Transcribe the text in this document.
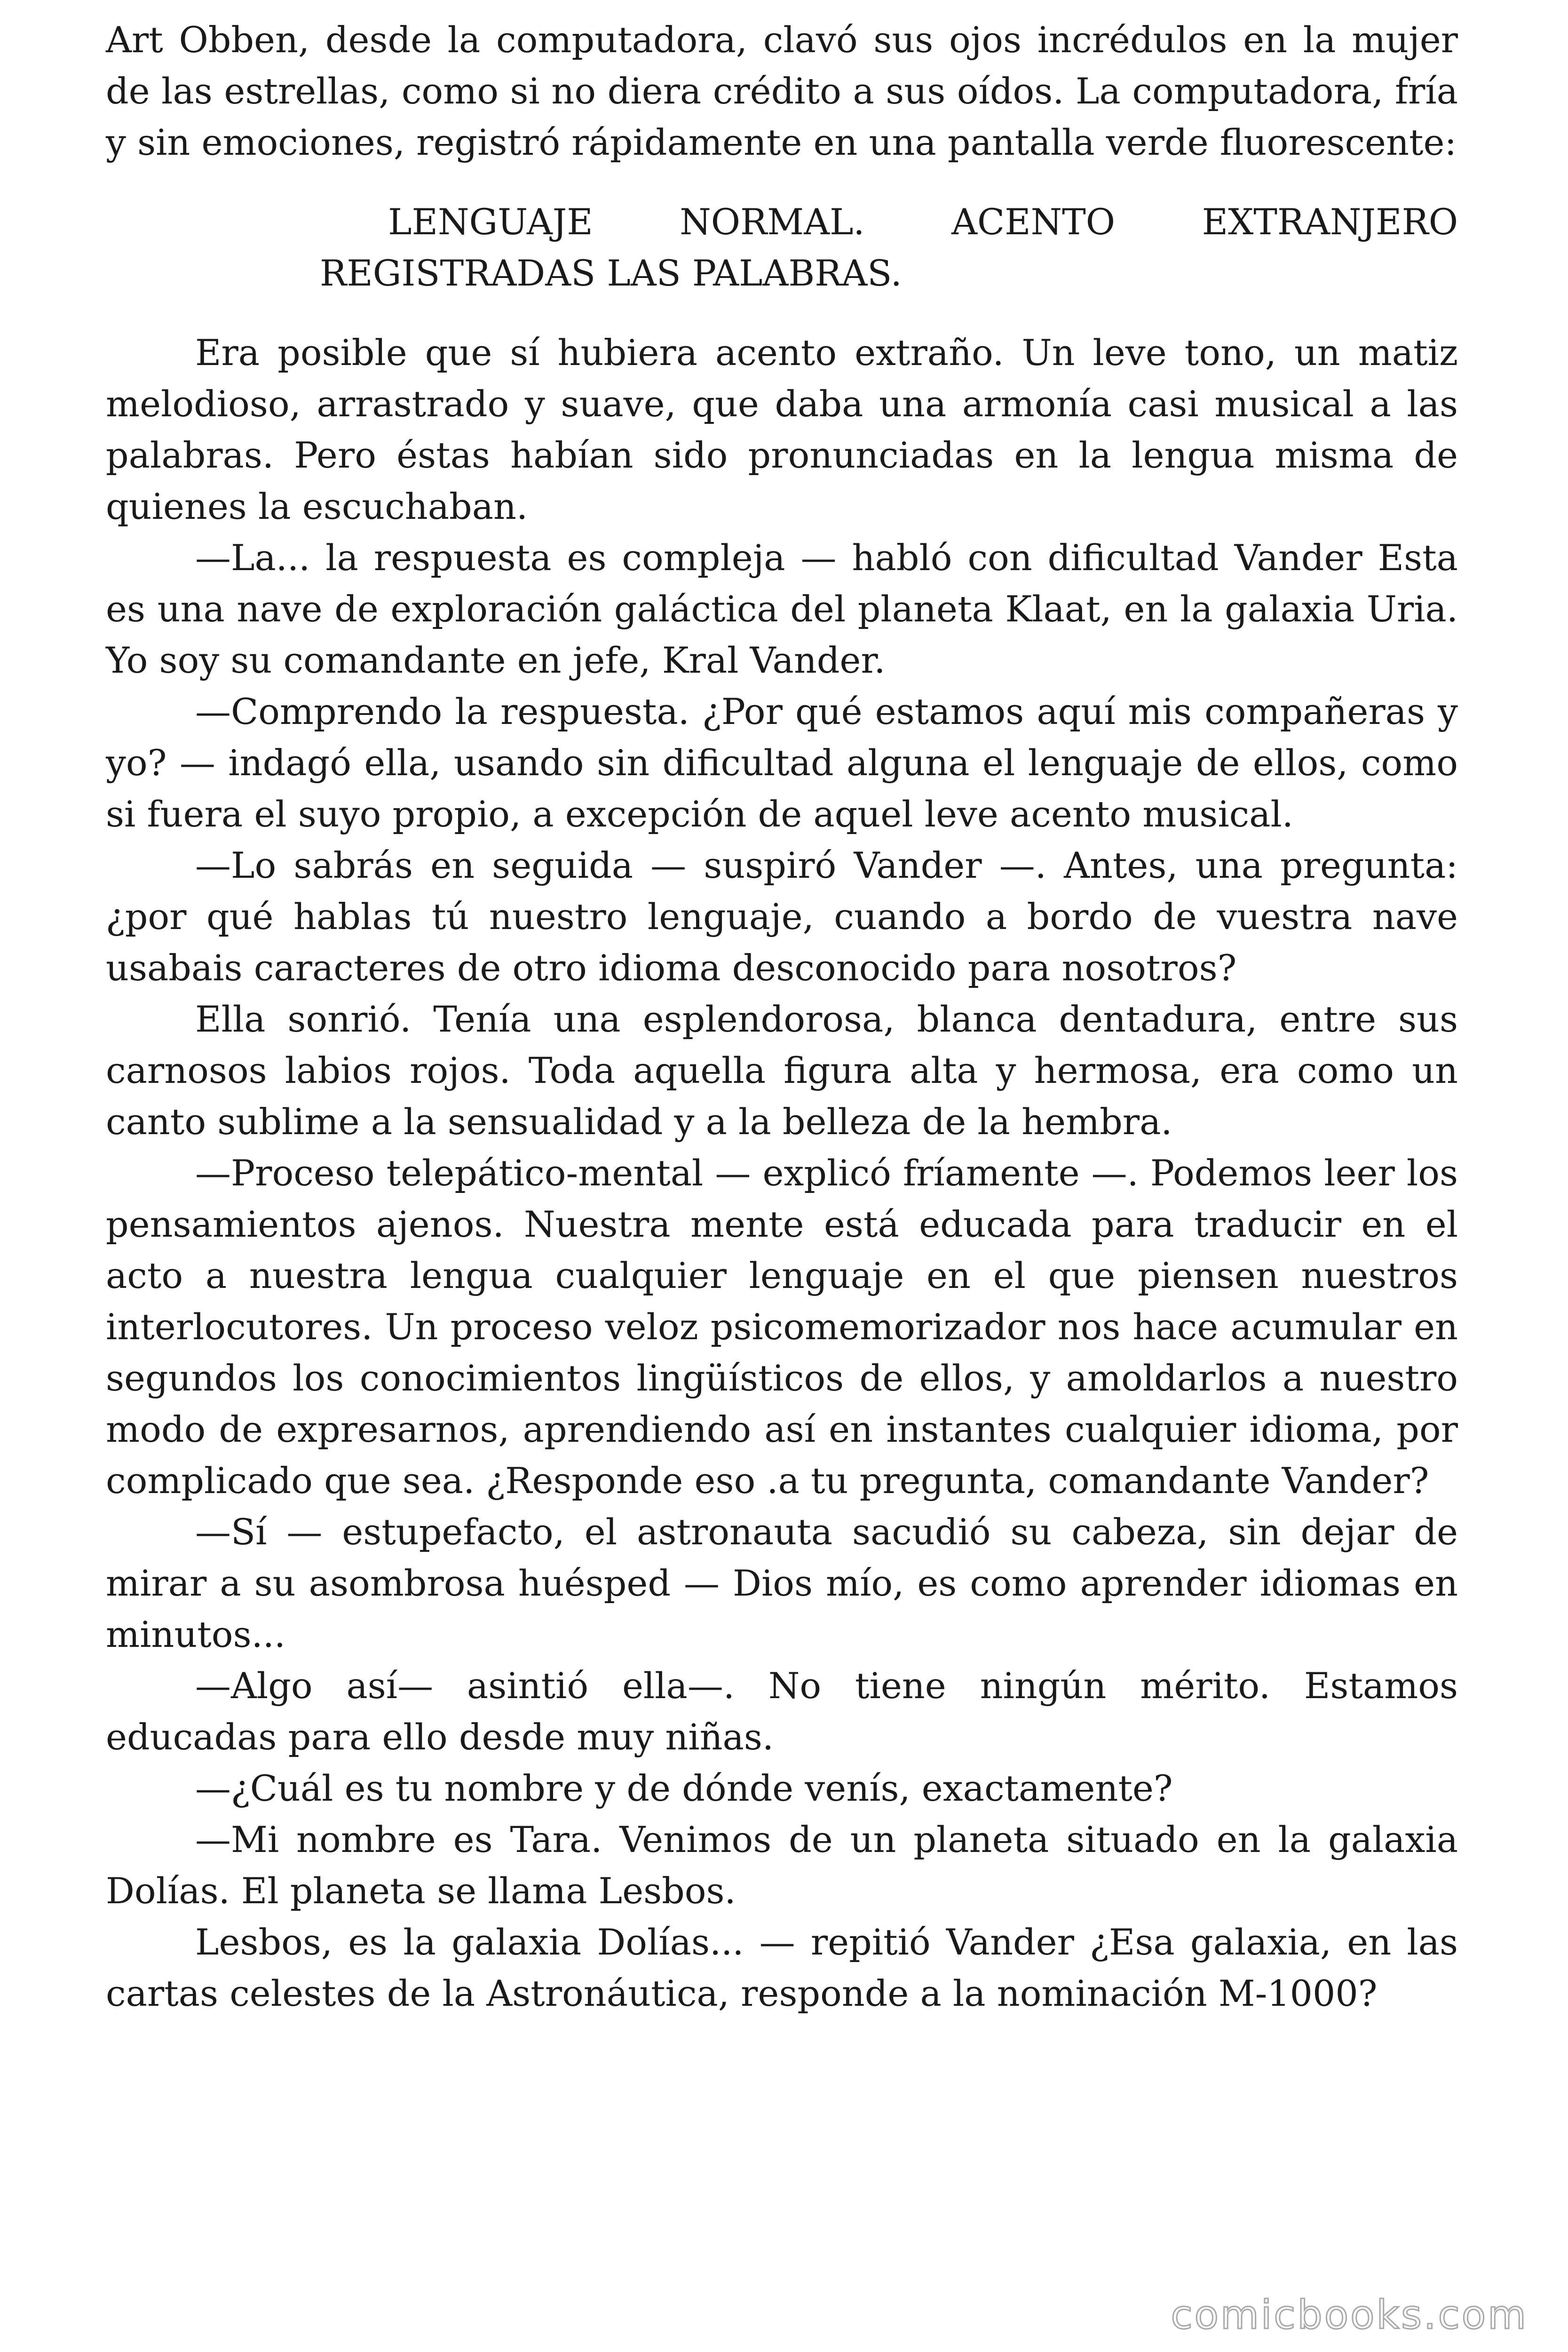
Art Obben, desde la computadora, clavó sus ojos incrédulos en la mujer de las estrellas, como si no diera crédito a sus oídos. La computadora, fría y sin emociones, registró rápidamente en una pantalla verde fluorescente:

LENGUAJE NORMAL. ACENTO EXTRANJERO
REGISTRADAS LAS PALABRAS.

Era posible que sí hubiera acento extraño. Un leve tono, un matiz melodioso, arrastrado y suave, que daba una armonía casi musical a las palabras. Pero éstas habían sido pronunciadas en la lengua misma de quienes la escuchaban.

—La... la respuesta es compleja — habló con dificultad Vander Esta es una nave de exploración galáctica del planeta Klaat, en la galaxia Uria. Yo soy su comandante en jefe, Kral Vander.

—Comprendo la respuesta. ¿Por qué estamos aquí mis compañeras y yo? — indagó ella, usando sin dificultad alguna el lenguaje de ellos, como si fuera el suyo propio, a excepción de aquel leve acento musical.

—Lo sabrás en seguida — suspiró Vander —. Antes, una pregunta: ¿por qué hablas tú nuestro lenguaje, cuando a bordo de vuestra nave usabais caracteres de otro idioma desconocido para nosotros?

Ella sonrió. Tenía una esplendorosa, blanca dentadura, entre sus carnosos labios rojos. Toda aquella figura alta y hermosa, era como un canto sublime a la sensualidad y a la belleza de la hembra.

—Proceso telepático-mental — explicó fríamente —. Podemos leer los pensamientos ajenos. Nuestra mente está educada para traducir en el acto a nuestra lengua cualquier lenguaje en el que piensen nuestros interlocutores. Un proceso veloz psicomemorizador nos hace acumular en segundos los conocimientos lingüísticos de ellos, y amoldarlos a nuestro modo de expresarnos, aprendiendo así en instantes cualquier idioma, por complicado que sea. ¿Responde eso .a tu pregunta, comandante Vander?

—Sí — estupefacto, el astronauta sacudió su cabeza, sin dejar de mirar a su asombrosa huésped — Dios mío, es como aprender idiomas en minutos...

—Algo así— asintió ella—. No tiene ningún mérito. Estamos educadas para ello desde muy niñas.

—¿Cuál es tu nombre y de dónde venís, exactamente?

—Mi nombre es Tara. Venimos de un planeta situado en la galaxia Dolías. El planeta se llama Lesbos.

Lesbos, es la galaxia Dolías... — repitió Vander ¿Esa galaxia, en las cartas celestes de la Astronáutica, responde a la nominación M-1000?

comicbooks.com
